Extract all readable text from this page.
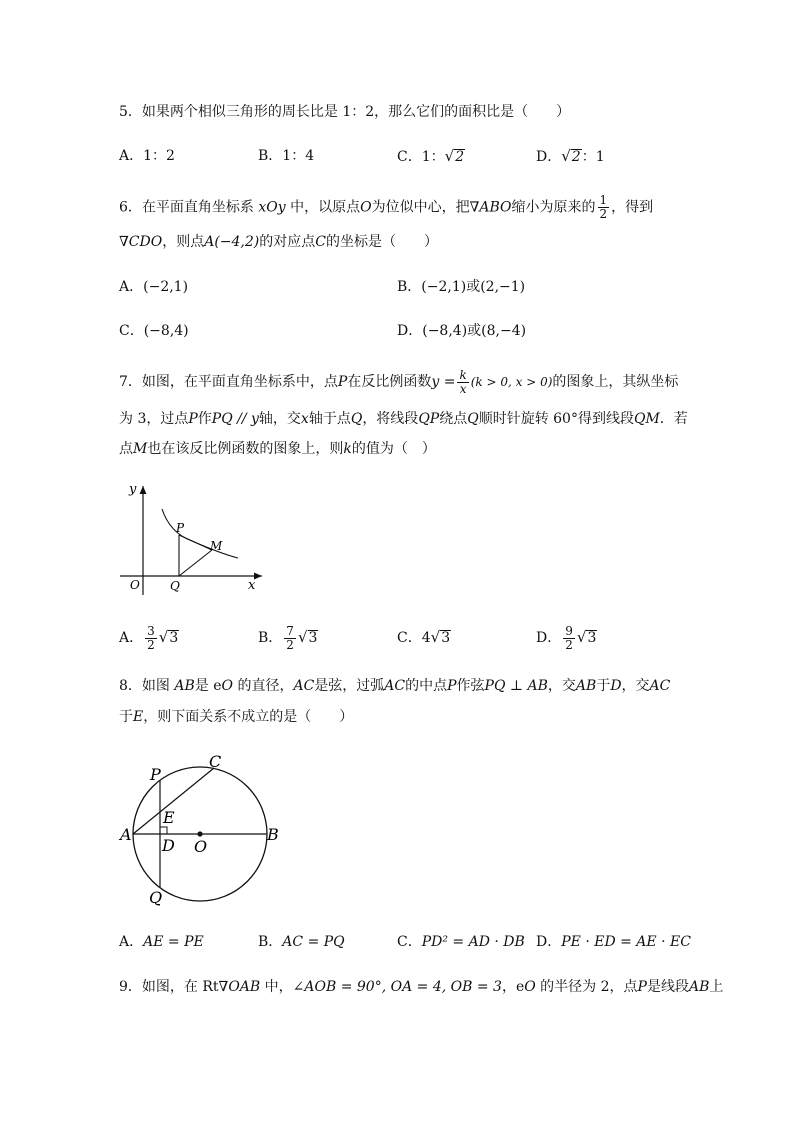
5．如果两个相似三角形的周长比是 1：2，那么它们的面积比是（　　）
A．1：2	B．1：4	C．1：√2	D．√2：1
6．在平面直角坐标系 xOy 中，以原点O为位似中心，把∇ABO缩小为原来的 $\frac{1}{2}$ ，得到
∇CDO，则点A(−4,2)的对应点C的坐标是（　　）
A．(−2,1)	B．(−2,1)或(2,−1)
C．(−8,4)	D．(−8,4)或(8,−4)
7．如图，在平面直角坐标系中，点P在反比例函数$y = \frac{k}{x} (k > 0$, x > 0)的图象上，其纵坐标
为 3，过点P作PQ // y轴，交x轴于点Q，将线段QP绕点Q顺时针旋转 60°得到线段QM．若
点M也在该反比例函数的图象上，则k的值为（　）
y
x
O
P
Q
M
A． $\frac{3}{2} √3$	B． $\frac{7}{2} √3$	C．4√3	D． $\frac{9}{2} √3$
8．如图 AB是 eO 的直径，AC是弦，过弧AC的中点P作弦PQ ⊥ AB，交AB于D，交AC
于E，则下面关系不成立的是（　　）
A	B
C
P
E
D O
Q
A．AE = PE	B．AC = PQ	C．PD² = AD · DB D．PE · ED = AE · EC
9．如图，在 Rt∇OAB 中，∠AOB = 90°, OA = 4, OB = 3，eO 的半径为 2，点P是线段AB上
